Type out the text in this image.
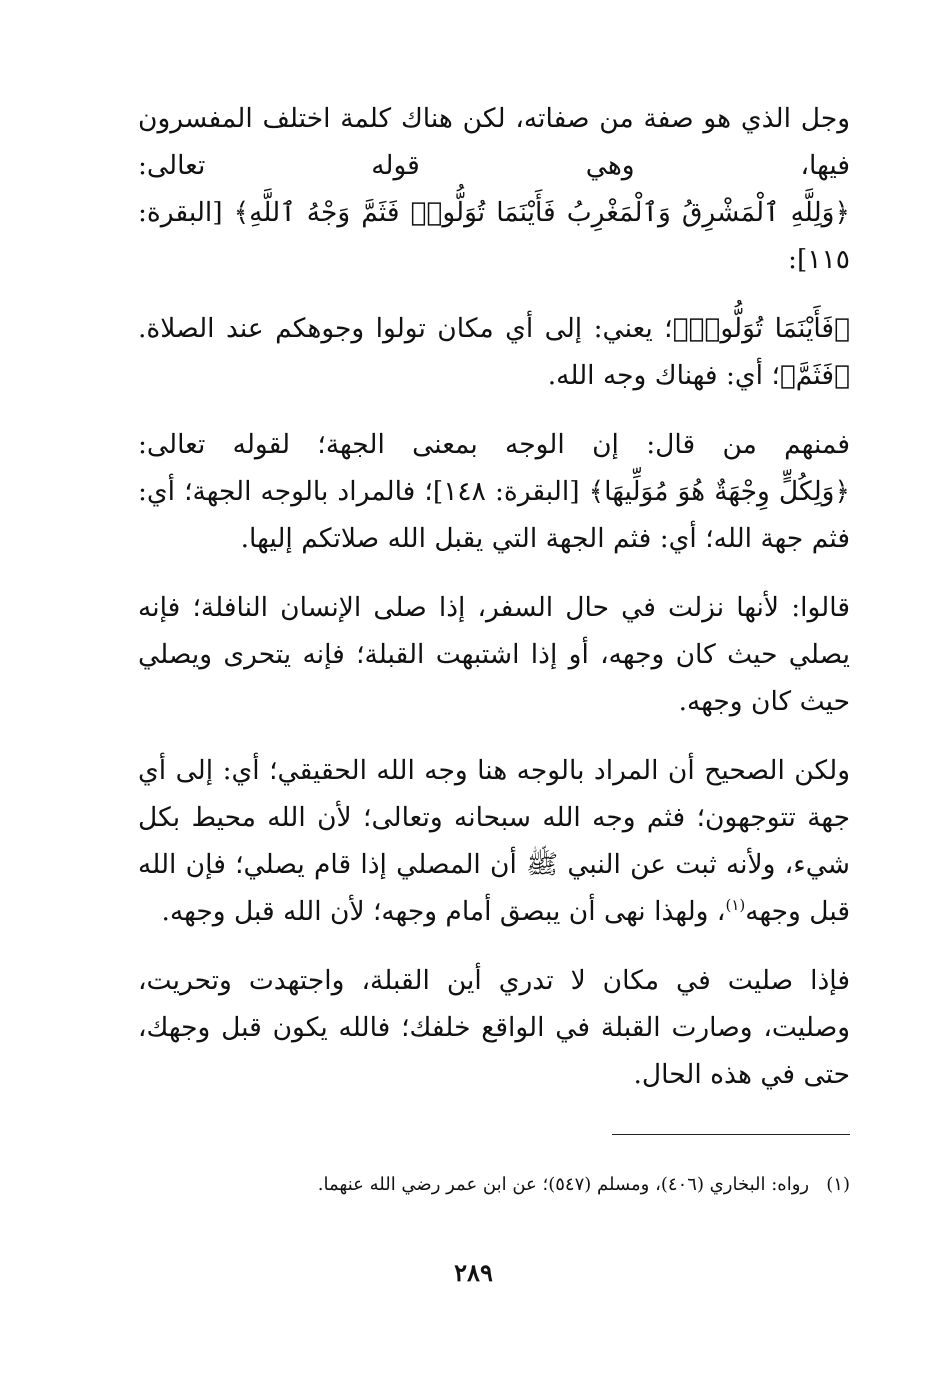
وجل الذي هو صفة من صفاته، لكن هناك كلمة اختلف المفسرون فيها، وهي قوله تعالى: ﴿وَلِلَّهِ ٱلْمَشْرِقُ وَٱلْمَغْرِبُ فَأَيْنَمَا تُوَلُّوا۟ فَثَمَّ وَجْهُ ٱللَّهِ﴾ [البقرة: ١١٥]:

﴿فَأَيْنَمَا تُوَلُّوا۟﴾؛ يعني: إلى أي مكان تولوا وجوهكم عند الصلاة. ﴿فَثَمَّ﴾؛ أي: فهناك وجه الله.

فمنهم من قال: إن الوجه بمعنى الجهة؛ لقوله تعالى: ﴿وَلِكُلٍّ وِجْهَةٌ هُوَ مُوَلِّيهَا﴾ [البقرة: ١٤٨]؛ فالمراد بالوجه الجهة؛ أي: فثم جهة الله؛ أي: فثم الجهة التي يقبل الله صلاتكم إليها.

قالوا: لأنها نزلت في حال السفر، إذا صلى الإنسان النافلة؛ فإنه يصلي حيث كان وجهه، أو إذا اشتبهت القبلة؛ فإنه يتحرى ويصلي حيث كان وجهه.

ولكن الصحيح أن المراد بالوجه هنا وجه الله الحقيقي؛ أي: إلى أي جهة تتوجهون؛ فثم وجه الله سبحانه وتعالى؛ لأن الله محيط بكل شيء، ولأنه ثبت عن النبي ﷺ أن المصلي إذا قام يصلي؛ فإن الله قبل وجهه$^{(١)}$، ولهذا نهى أن يبصق أمام وجهه؛ لأن الله قبل وجهه.

فإذا صليت في مكان لا تدري أين القبلة، واجتهدت وتحريت، وصليت، وصارت القبلة في الواقع خلفك؛ فالله يكون قبل وجهك، حتى في هذه الحال.

(١)   رواه: البخاري (٤٠٦)، ومسلم (٥٤٧)؛ عن ابن عمر رضي الله عنهما.
٢٨٩
